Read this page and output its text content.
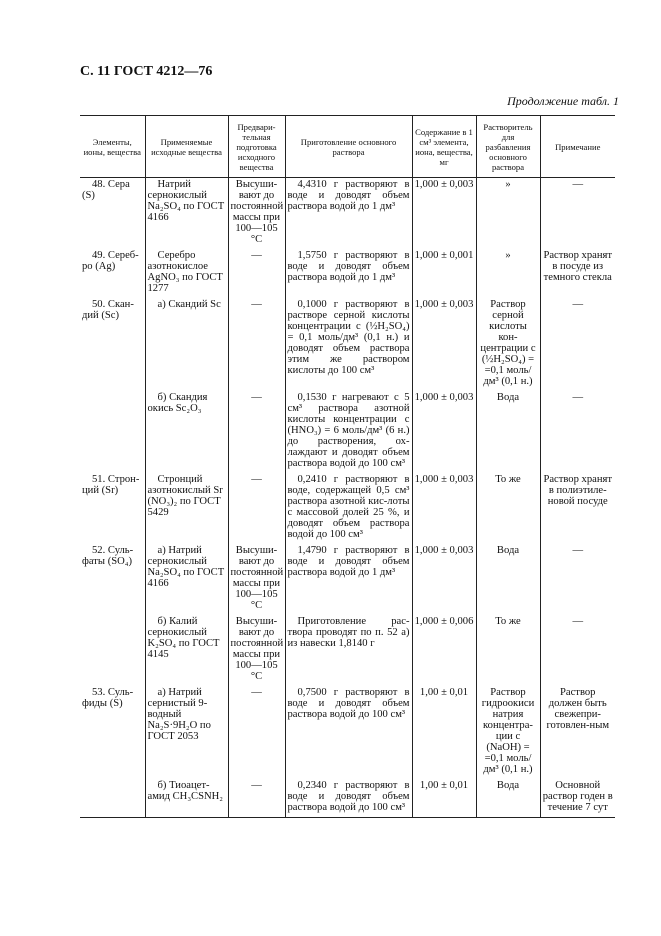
С. 11 ГОСТ 4212—76
Продолжение табл. 1
Элементы, ионы, вещества	Применяемые исходные вещества	Предвари-тельная подготовка исходного вещества	Приготовление основного раствора	Содержание в 1 см³ элемента, иона, вещества, мг	Растворитель для разбавления основного раствора	Примечание
48. Сера (S)	Натрий сернокислый Na₂SO₄ по ГОСТ 4166	Высуши-вают до постоянной массы при 100—105 °С	4,4310 г растворяют в воде и доводят объем раствора водой до 1 дм³	1,000 ± 0,003	»	—
49. Сереб-ро (Ag)	Серебро азотнокислое AgNO₃ по ГОСТ 1277	—	1,5750 г растворяют в воде и доводят объем раствора водой до 1 дм³	1,000 ± 0,001	»	Раствор хранят в посуде из темного стекла
50. Скан-дий (Sc)	а) Скандий Sc	—	0,1000 г растворяют в растворе серной кислоты концентрации c (½H₂SO₄) = 0,1 моль/дм³ (0,1 н.) и доводят объем раствора этим же раствором кислоты до 100 см³	1,000 ± 0,003	Раствор серной кислоты кон-центрации c (½H₂SO₄) = =0,1 моль/дм³ (0,1 н.)	—
	б) Скандия окись Sc₂O₃	—	0,1530 г нагревают с 5 см³ раствора азотной кислоты концентрации c (HNO₃) = 6 моль/дм³ (6 н.) до растворения, ох-лаждают и доводят объем раствора водой до 100 см³	1,000 ± 0,003	Вода	—
51. Строн-ций (Sr)	Стронций азотнокислый Sr (NO₃)₂ по ГОСТ 5429	—	0,2410 г растворяют в воде, содержащей 0,5 см³ раствора азотной кис-лоты с массовой долей 25 %, и доводят объем раствора водой до 100 см³	1,000 ± 0,003	То же	Раствор хранят в полиэтиле-новой посуде
52. Суль-фаты (SO₄)	а) Натрий сернокислый Na₂SO₄ по ГОСТ 4166	Высуши-вают до постоянной массы при 100—105 °С	1,4790 г растворяют в воде и доводят объем раствора водой до 1 дм³	1,000 ± 0,003	Вода	—
	б) Калий сернокислый K₂SO₄ по ГОСТ 4145	Высуши-вают до постоянной массы при 100—105 °С	Приготовление рас-твора проводят по п. 52 а) из навески 1,8140 г	1,000 ± 0,006	То же	—
53. Суль-фиды (S)	а) Натрий сернистый 9-водный Na₂S·9H₂O по ГОСТ 2053	—	0,7500 г растворяют в воде и доводят объем раствора водой до 100 см³	1,00 ± 0,01	Раствор гидроокиси натрия концентра-ции c (NaOH) = =0,1 моль/дм³ (0,1 н.)	Раствор должен быть свежепри-готовлен-ным
	б) Тиоацет-амид CH₃CSNH₂	—	0,2340 г растворяют в воде и доводят объем раствора водой до 100 см³	1,00 ± 0,01	Вода	Основной раствор годен в течение 7 сут
